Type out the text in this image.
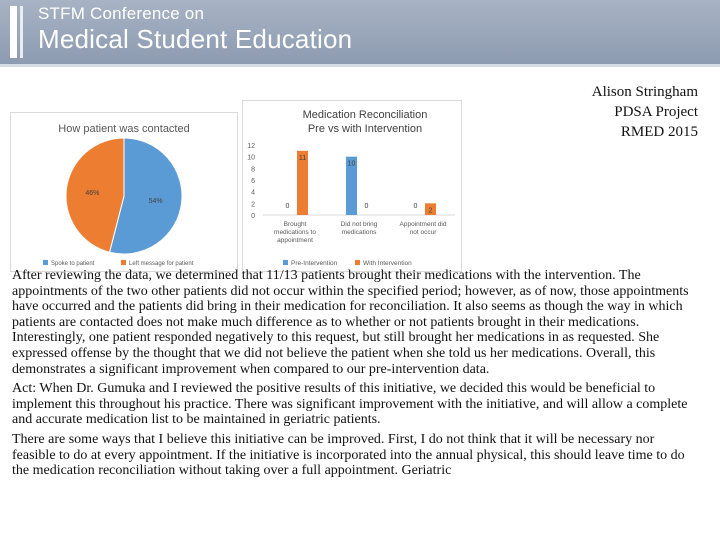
STFM Conference on
Medical Student Education
Alison Stringham
PDSA Project
RMED 2015
How patient was contacted
54%
46%
Spoke to patient	Left message for patient
Medication Reconciliation
Pre vs with Intervention
0
2
4
6
8
10
12
0
11
10
0	0
2
Brought medications to appointment
Did not bring medications
Appointment did not occur
Pre-Intervention	With Intervention

After reviewing the data, we determined that 11/13 patients brought their medications with the intervention. The appointments of the two other patients did not occur within the specified period; however, as of now, those appointments have occurred and the patients did bring in their medication for reconciliation. It also seems as though the way in which patients are contacted does not make much difference as to whether or not patients brought in their medications. Interestingly, one patient responded negatively to this request, but still brought her medications in as requested. She expressed offense by the thought that we did not believe the patient when she told us her medications. Overall, this demonstrates a significant improvement when compared to our pre-intervention data.

Act: When Dr. Gumuka and I reviewed the positive results of this initiative, we decided this would be beneficial to implement this throughout his practice. There was significant improvement with the initiative, and will allow a complete and accurate medication list to be maintained in geriatric patients.

There are some ways that I believe this initiative can be improved. First, I do not think that it will be necessary nor feasible to do at every appointment. If the initiative is incorporated into the annual physical, this should leave time to do the medication reconciliation without taking over a full appointment. Geriatric
